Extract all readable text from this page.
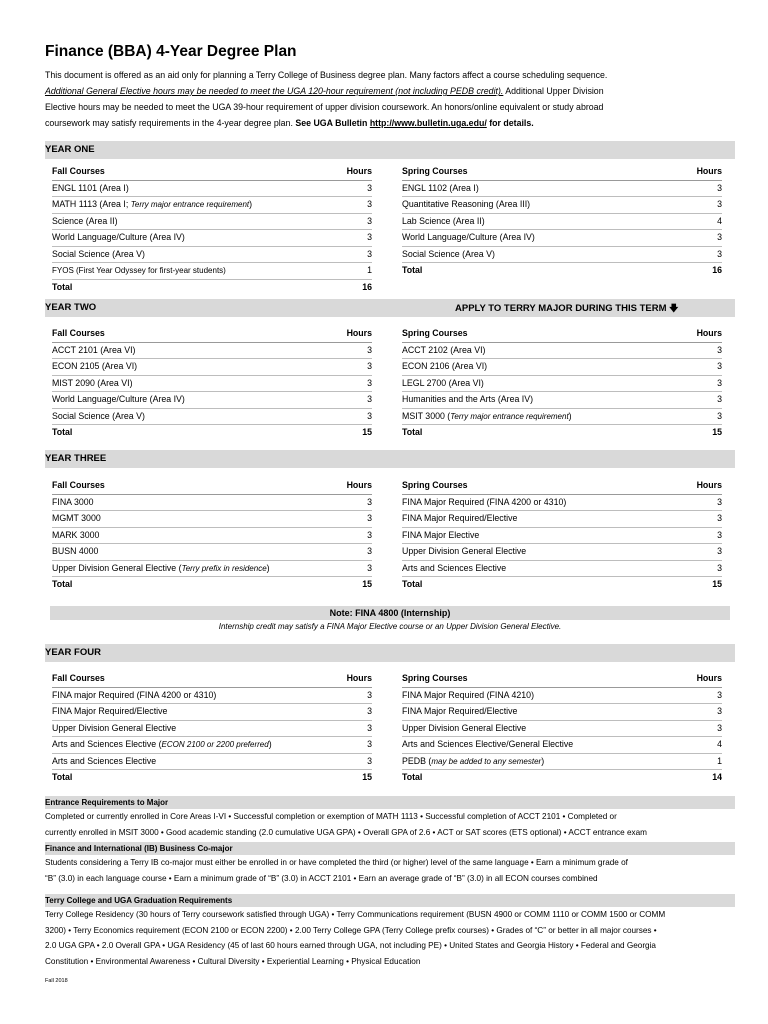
Finance (BBA) 4-Year Degree Plan
This document is offered as an aid only for planning a Terry College of Business degree plan. Many factors affect a course scheduling sequence.
Additional General Elective hours may be needed to meet the UGA 120-hour requirement (not including PEDB credit). Additional Upper Division
Elective hours may be needed to meet the UGA 39-hour requirement of upper division coursework. An honors/online equivalent or study abroad
coursework may satisfy requirements in the 4-year degree plan. See UGA Bulletin http://www.bulletin.uga.edu/ for details.
YEAR ONE
Fall Courses	Hours
ENGL 1101 (Area I)	3
MATH 1113 (Area I; Terry major entrance requirement)	3
Science (Area II)	3
World Language/Culture (Area IV)	3
Social Science (Area V)	3
FYOS (First Year Odyssey for first-year students)	1
Total	16
Spring Courses	Hours
ENGL 1102 (Area I)	3
Quantitative Reasoning (Area III)	3
Lab Science (Area II)	4
World Language/Culture (Area IV)	3
Social Science (Area V)	3
Total	16
YEAR TWO	APPLY TO TERRY MAJOR DURING THIS TERM 🡇
Fall Courses	Hours
ACCT 2101 (Area VI)	3
ECON 2105 (Area VI)	3
MIST 2090 (Area VI)	3
World Language/Culture (Area IV)	3
Social Science (Area V)	3
Total	15
Spring Courses	Hours
ACCT 2102 (Area VI)	3
ECON 2106 (Area VI)	3
LEGL 2700 (Area VI)	3
Humanities and the Arts (Area IV)	3
MSIT 3000 (Terry major entrance requirement)	3
Total	15
YEAR THREE
Fall Courses	Hours
FINA 3000	3
MGMT 3000	3
MARK 3000	3
BUSN 4000	3
Upper Division General Elective (Terry prefix in residence)	3
Total	15
Spring Courses	Hours
FINA Major Required (FINA 4200 or 4310)	3
FINA Major Required/Elective	3
FINA Major Elective	3
Upper Division General Elective	3
Arts and Sciences Elective	3
Total	15
Note: FINA 4800 (Internship)
Internship credit may satisfy a FINA Major Elective course or an Upper Division General Elective.
YEAR FOUR
Fall Courses	Hours
FINA major Required (FINA 4200 or 4310)	3
FINA Major Required/Elective	3
Upper Division General Elective	3
Arts and Sciences Elective (ECON 2100 or 2200 preferred)	3
Arts and Sciences Elective	3
Total	15
Spring Courses	Hours
FINA Major Required (FINA 4210)	3
FINA Major Required/Elective	3
Upper Division General Elective	3
Arts and Sciences Elective/General Elective	4
PEDB (may be added to any semester)	1
Total	14
Entrance Requirements to Major
Completed or currently enrolled in Core Areas I-VI • Successful completion or exemption of MATH 1113 • Successful completion of ACCT 2101 • Completed or
currently enrolled in MSIT 3000 • Good academic standing (2.0 cumulative UGA GPA) • Overall GPA of 2.6 • ACT or SAT scores (ETS optional) • ACCT entrance exam
Finance and International (IB) Business Co-major
Students considering a Terry IB co-major must either be enrolled in or have completed the third (or higher) level of the same language • Earn a minimum grade of
“B” (3.0) in each language course • Earn a minimum grade of “B” (3.0) in ACCT 2101 • Earn an average grade of “B” (3.0) in all ECON courses combined
Terry College and UGA Graduation Requirements
Terry College Residency (30 hours of Terry coursework satisfied through UGA) • Terry Communications requirement (BUSN 4900 or COMM 1110 or COMM 1500 or COMM
3200) • Terry Economics requirement (ECON 2100 or ECON 2200) • 2.00 Terry College GPA (Terry College prefix courses) • Grades of “C” or better in all major courses •
2.0 UGA GPA • 2.0 Overall GPA • UGA Residency (45 of last 60 hours earned through UGA, not including PE) • United States and Georgia History • Federal and Georgia
Constitution • Environmental Awareness • Cultural Diversity • Experiential Learning • Physical Education
Fall 2018
